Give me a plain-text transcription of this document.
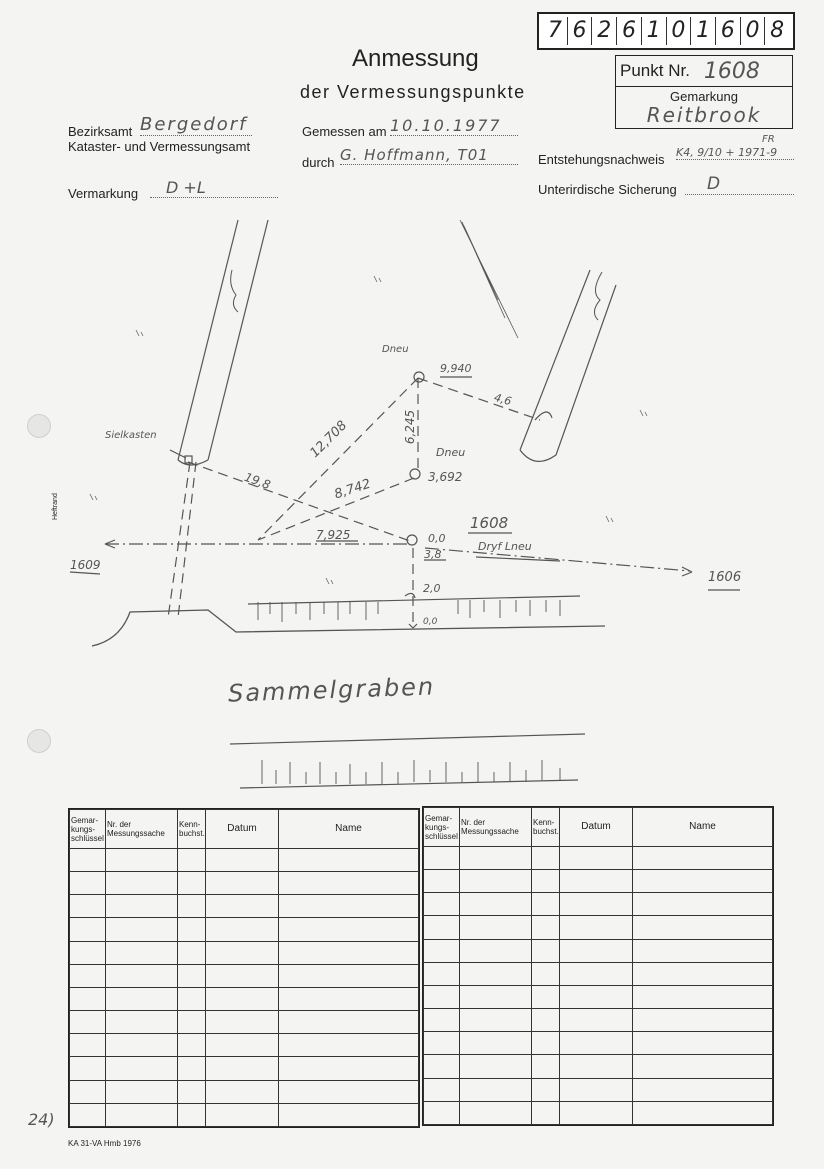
7 6 2 6 1 0 1 6 0 8
Anmessung
der Vermessungspunkte
Punkt Nr. 1608
Gemarkung
Reitbrook
Bezirksamt Bergedorf
Kataster- und Vermessungsamt
Gemessen am 10.10.1977
durch G. Hoffmann, T01	Entstehungsnachweis
FR
K4, 9/10 + 1971-9
Vermarkung	D +L	Unterirdische Sicherung	D
Sielkasten
Heftrand
Dneu
Dneu
9,940
4,6
6,245
12,708
3,692
8,742
19,8
7,925	0,0
3,8
2,0
0,0
1608
Dryf Lneu
1609
1606
Sammelgraben
Gemar-kungs-schlüssel	Nr. der Messungssache	Kenn-buchst.	Datum	Name

Gemar-kungs-schlüssel	Nr. der Messungssache	Kenn-buchst.	Datum	Name

24)
KA 31-VA Hmb 1976
